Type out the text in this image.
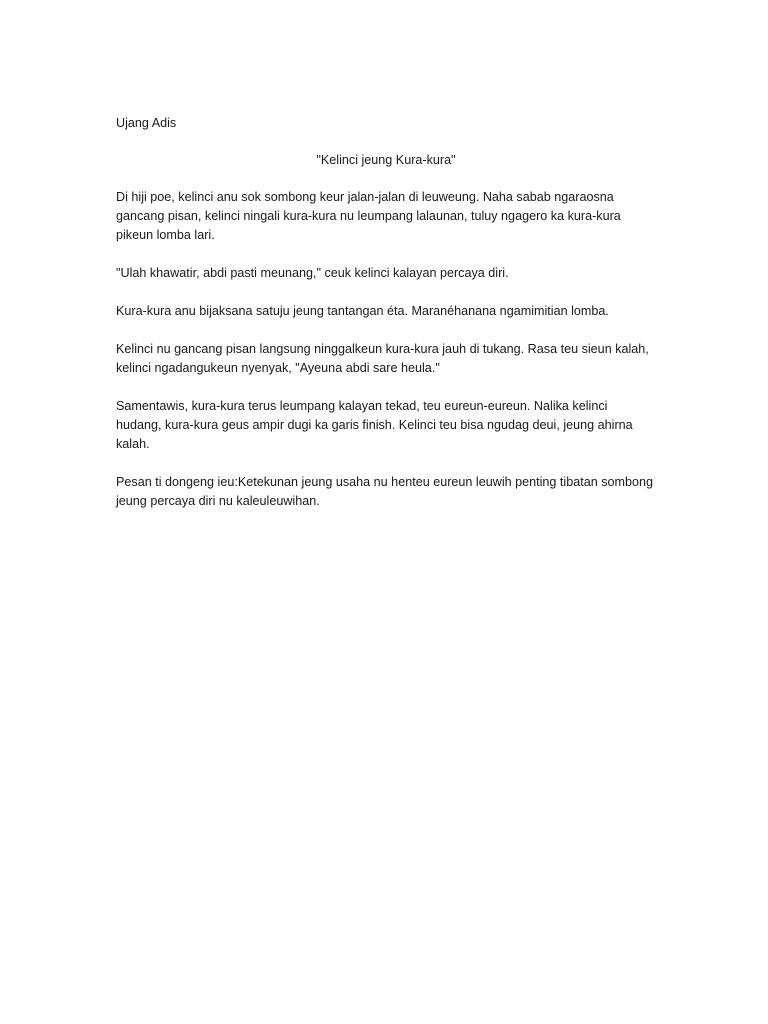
Ujang Adis

"Kelinci jeung Kura-kura"

Di hiji poe, kelinci anu sok sombong keur jalan-jalan di leuweung. Naha sabab ngaraosna gancang pisan, kelinci ningali kura-kura nu leumpang lalaunan, tuluy ngagero ka kura-kura pikeun lomba lari.

"Ulah khawatir, abdi pasti meunang," ceuk kelinci kalayan percaya diri.

Kura-kura anu bijaksana satuju jeung tantangan éta. Maranéhanana ngamimitian lomba.

Kelinci nu gancang pisan langsung ninggalkeun kura-kura jauh di tukang. Rasa teu sieun kalah, kelinci ngadangukeun nyenyak, "Ayeuna abdi sare heula."

Samentawis, kura-kura terus leumpang kalayan tekad, teu eureun-eureun. Nalika kelinci hudang, kura-kura geus ampir dugi ka garis finish. Kelinci teu bisa ngudag deui, jeung ahirna kalah.

Pesan ti dongeng ieu:Ketekunan jeung usaha nu henteu eureun leuwih penting tibatan sombong jeung percaya diri nu kaleuleuwihan.
